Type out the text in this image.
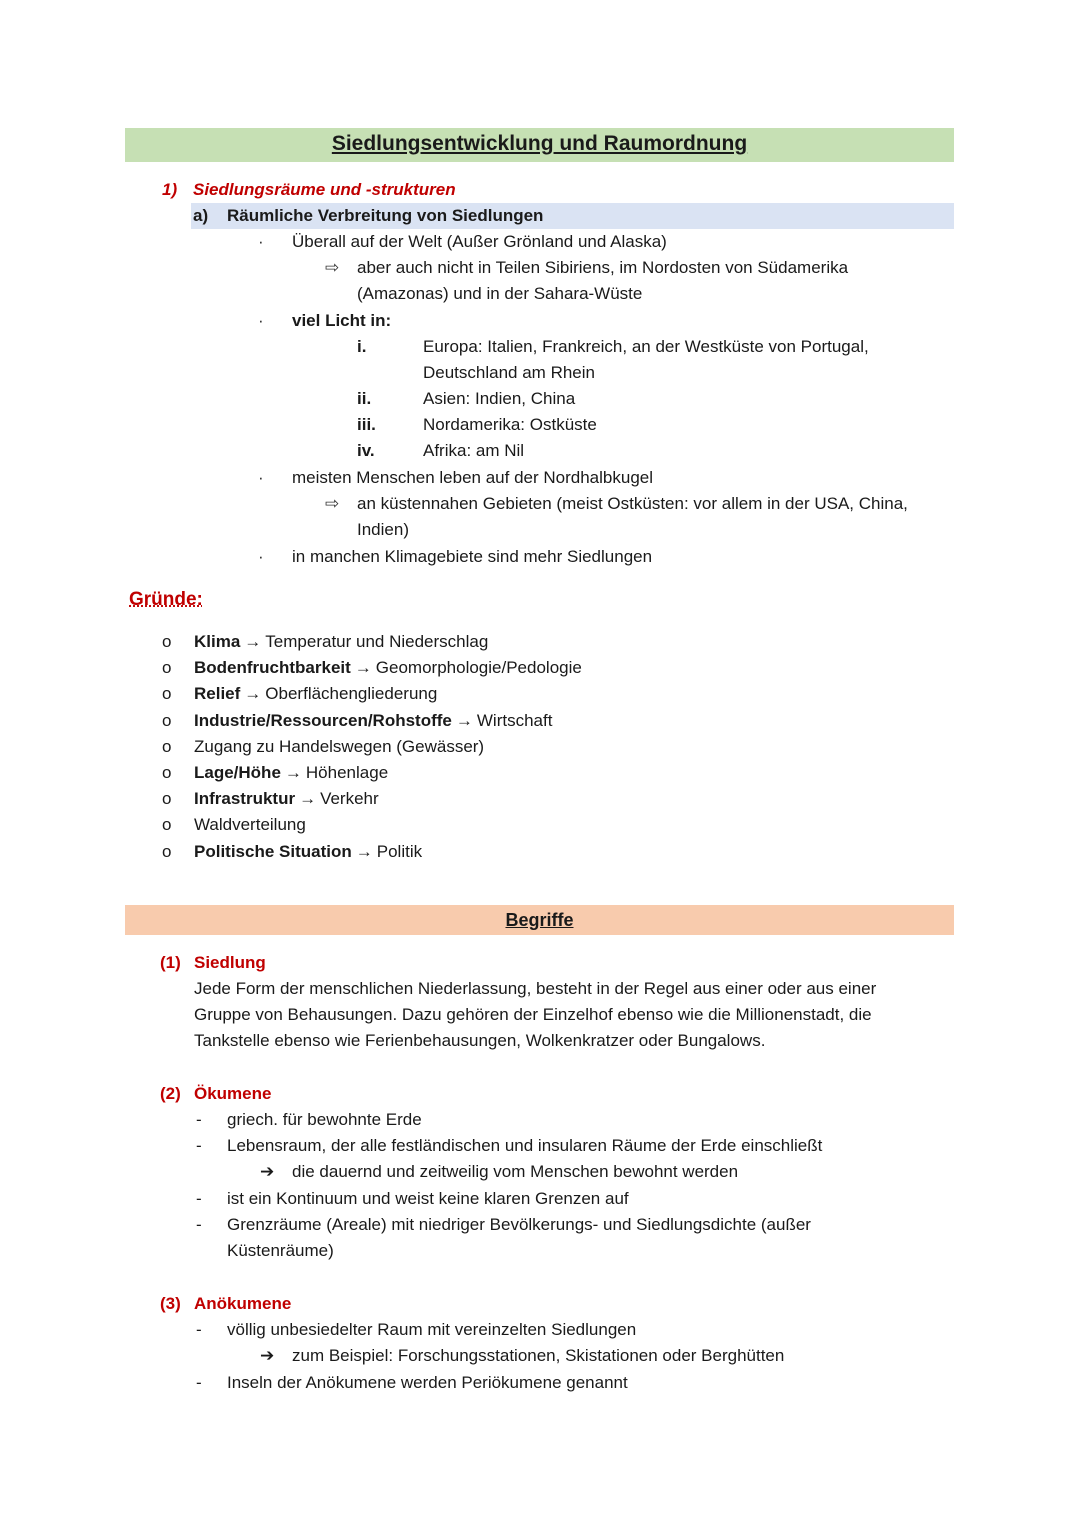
Siedlungsentwicklung und Raumordnung
1) Siedlungsräume und -strukturen
a) Räumliche Verbreitung von Siedlungen
· Überall auf der Welt (Außer Grönland und Alaska)
⇨ aber auch nicht in Teilen Sibiriens, im Nordosten von Südamerika
(Amazonas) und in der Sahara-Wüste
· viel Licht in:
i.	Europa: Italien, Frankreich, an der Westküste von Portugal,
Deutschland am Rhein
ii.	Asien: Indien, China
iii.	Nordamerika: Ostküste
iv.	Afrika: am Nil
· meisten Menschen leben auf der Nordhalbkugel
⇨ an küstennahen Gebieten (meist Ostküsten: vor allem in der USA, China,
Indien)
· in manchen Klimagebiete sind mehr Siedlungen
Gründe:
o Klima → Temperatur und Niederschlag
o Bodenfruchtbarkeit → Geomorphologie/Pedologie
o Relief → Oberflächengliederung
o Industrie/Ressourcen/Rohstoffe → Wirtschaft
o Zugang zu Handelswegen (Gewässer)
o Lage/Höhe → Höhenlage
o Infrastruktur → Verkehr
o Waldverteilung
o Politische Situation → Politik
Begriffe
(1) Siedlung
Jede Form der menschlichen Niederlassung, besteht in der Regel aus einer oder aus einer
Gruppe von Behausungen. Dazu gehören der Einzelhof ebenso wie die Millionenstadt, die
Tankstelle ebenso wie Ferienbehausungen, Wolkenkratzer oder Bungalows.
(2) Ökumene
- griech. für bewohnte Erde
- Lebensraum, der alle festländischen und insularen Räume der Erde einschließt
➔ die dauernd und zeitweilig vom Menschen bewohnt werden
- ist ein Kontinuum und weist keine klaren Grenzen auf
- Grenzräume (Areale) mit niedriger Bevölkerungs- und Siedlungsdichte (außer
Küstenräume)
(3) Anökumene
- völlig unbesiedelter Raum mit vereinzelten Siedlungen
➔ zum Beispiel: Forschungsstationen, Skistationen oder Berghütten
- Inseln der Anökumene werden Periökumene genannt
